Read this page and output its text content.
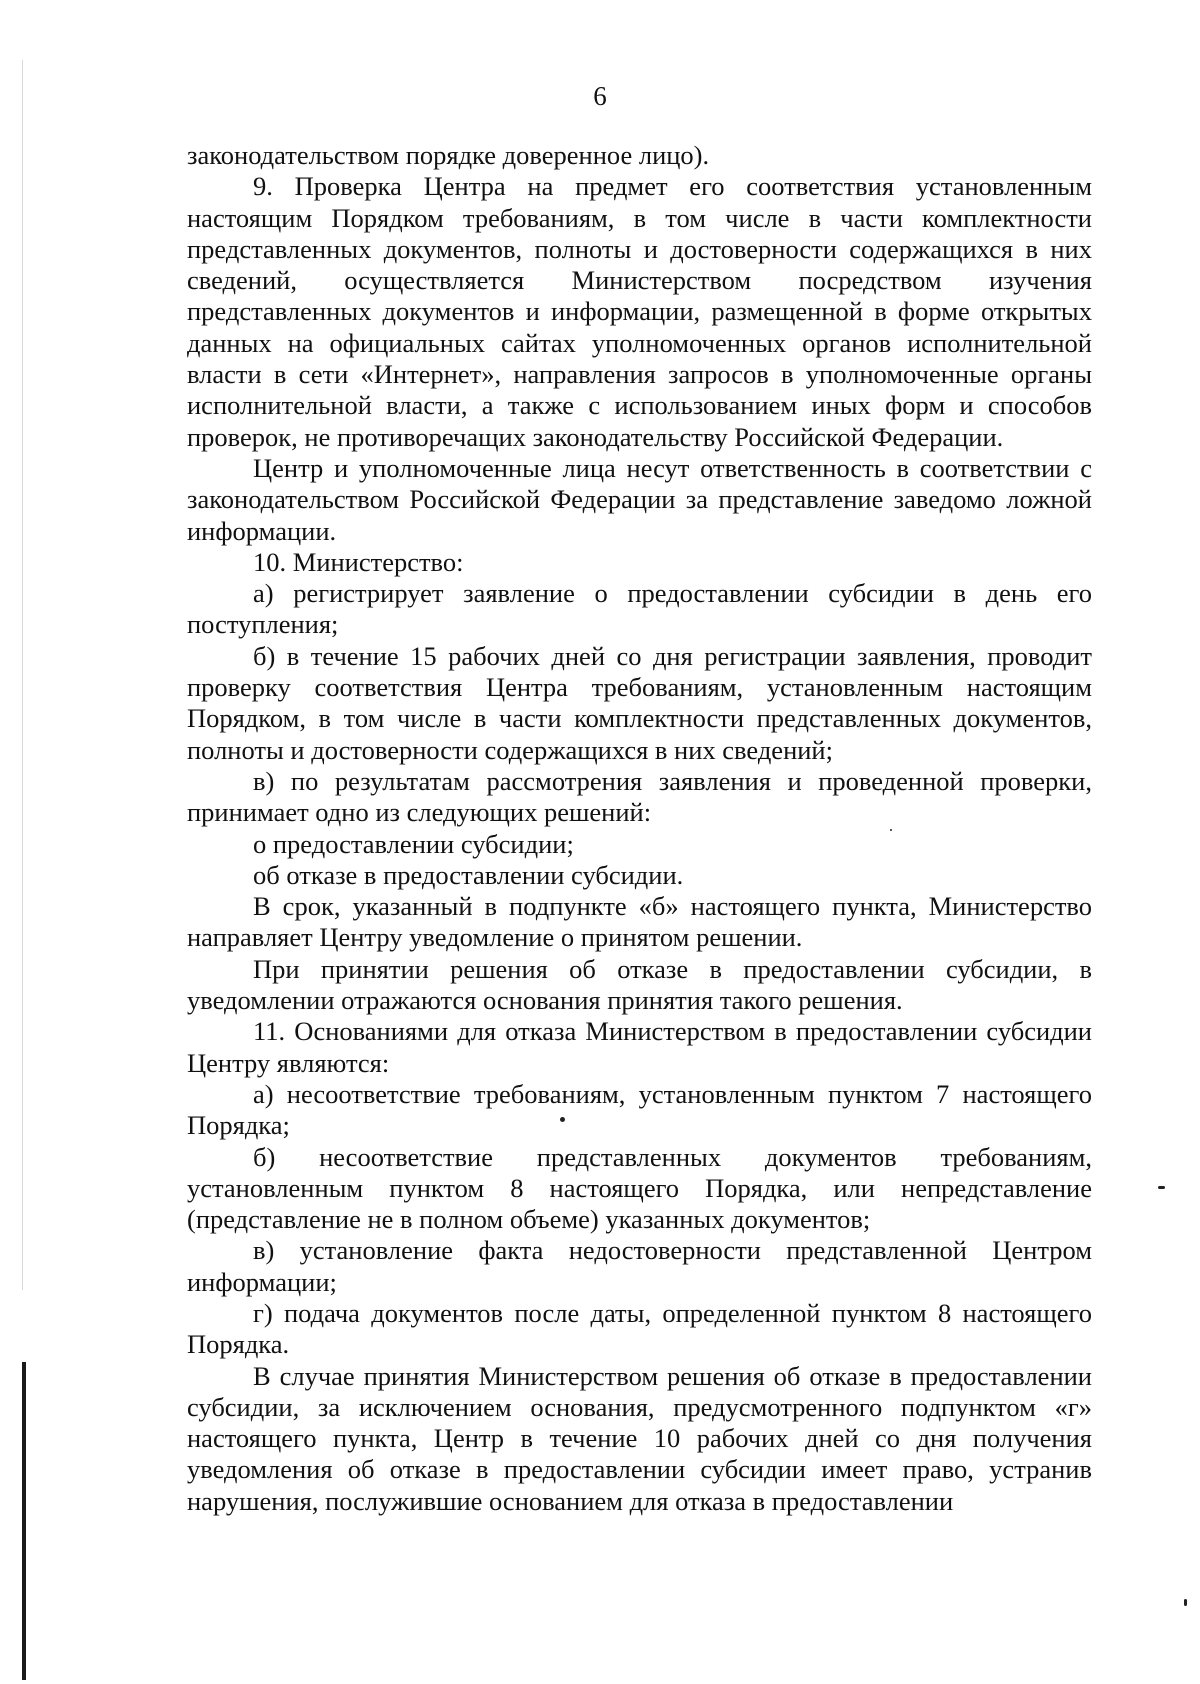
6

законодательством порядке доверенное лицо).

9. Проверка Центра на предмет его соответствия установленным настоящим Порядком требованиям, в том числе в части комплектности представленных документов, полноты и достоверности содержащихся в них сведений, осуществляется Министерством посредством изучения представленных документов и информации, размещенной в форме открытых данных на официальных сайтах уполномоченных органов исполнительной власти в сети «Интернет», направления запросов в уполномоченные органы исполнительной власти, а также с использованием иных форм и способов проверок, не противоречащих законодательству Российской Федерации.

Центр и уполномоченные лица несут ответственность в соответствии с законодательством Российской Федерации за представление заведомо ложной информации.

10. Министерство:

а) регистрирует заявление о предоставлении субсидии в день его поступления;

б) в течение 15 рабочих дней со дня регистрации заявления, проводит проверку соответствия Центра требованиям, установленным настоящим Порядком, в том числе в части комплектности представленных документов, полноты и достоверности содержащихся в них сведений;

в) по результатам рассмотрения заявления и проведенной проверки, принимает одно из следующих решений:

о предоставлении субсидии;

об отказе в предоставлении субсидии.

В срок, указанный в подпункте «б» настоящего пункта, Министерство направляет Центру уведомление о принятом решении.

При принятии решения об отказе в предоставлении субсидии, в уведомлении отражаются основания принятия такого решения.

11. Основаниями для отказа Министерством в предоставлении субсидии Центру являются:

а) несоответствие требованиям, установленным пунктом 7 настоящего Порядка;

б) несоответствие представленных документов требованиям, установленным пунктом 8 настоящего Порядка, или непредставление (представление не в полном объеме) указанных документов;

в) установление факта недостоверности представленной Центром информации;

г) подача документов после даты, определенной пунктом 8 настоящего Порядка.

В случае принятия Министерством решения об отказе в предоставлении субсидии, за исключением основания, предусмотренного подпунктом «г» настоящего пункта, Центр в течение 10 рабочих дней со дня получения уведомления об отказе в предоставлении субсидии имеет право, устранив нарушения, послужившие основанием для отказа в предоставлении
